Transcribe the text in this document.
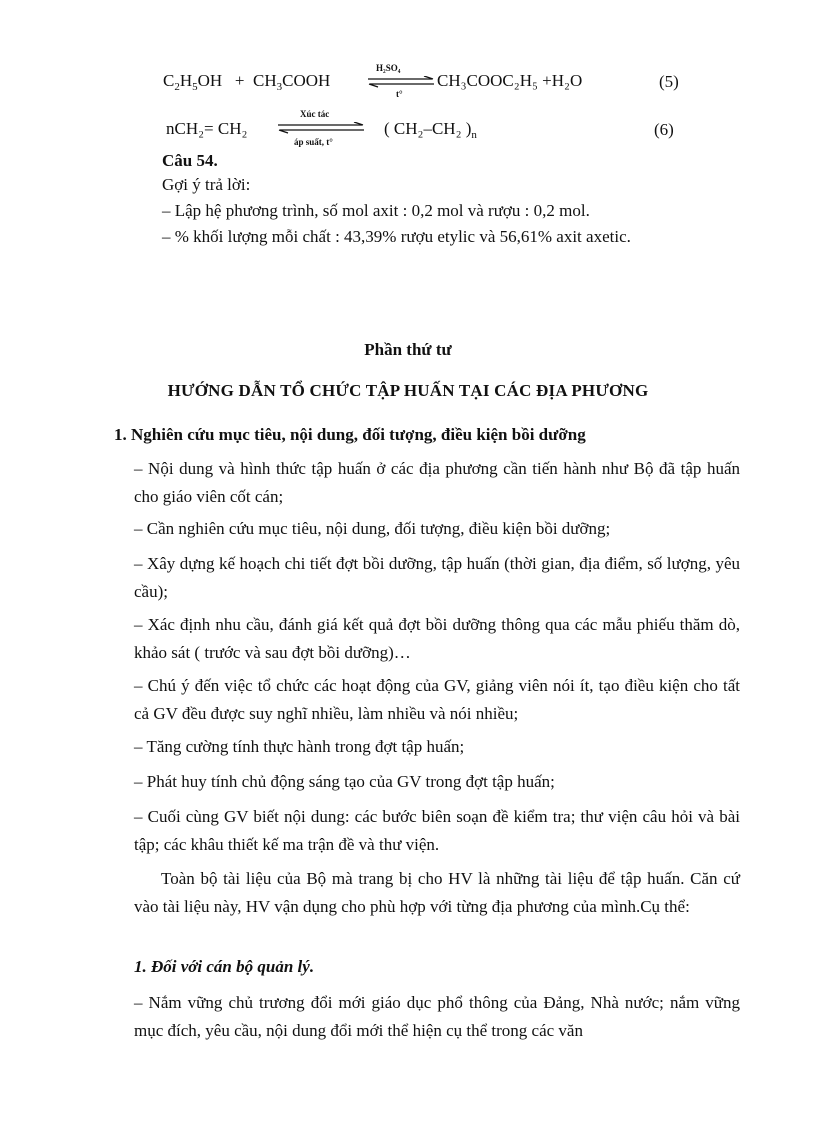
$C_2H_5OH$   +  $CH_3COOH$
H₂SO₄
t°
CH₃COOC₂H₅ +H₂O	(5)
nCH₂= CH₂
Xúc tác
áp suất, t°
( CH₂–CH₂ )$_n$	(6)
Câu 54.
Gợi ý trả lời:
– Lập hệ phương trình, số mol axit : 0,2 mol và rượu : 0,2 mol.
– % khối lượng mỗi chất : 43,39% rượu etylic và 56,61% axit axetic.
Phần thứ tư
HƯỚNG DẪN TỔ CHỨC TẬP HUẤN TẠI CÁC ĐỊA PHƯƠNG
1. Nghiên cứu mục tiêu, nội dung, đối tượng, điều kiện bồi dưỡng
– Nội dung và hình thức tập huấn ở các địa phương cần tiến hành như Bộ đã tập huấn cho giáo viên cốt cán;
– Cần nghiên cứu mục tiêu, nội dung, đối tượng, điều kiện bồi dưỡng;
– Xây dựng kế hoạch chi tiết đợt bồi dưỡng, tập huấn (thời gian, địa điểm, số lượng, yêu cầu);
– Xác định nhu cầu, đánh giá kết quả đợt bồi dưỡng thông qua các mẫu phiếu thăm dò, khảo sát ( trước và sau đợt bồi dưỡng)…
– Chú ý đến việc tổ chức các hoạt động của GV, giảng viên nói ít, tạo điều kiện cho tất cả GV đều được suy nghĩ nhiều, làm nhiều và nói nhiều;
– Tăng cường tính thực hành trong đợt tập huấn;
– Phát huy tính chủ động sáng tạo của GV trong đợt tập huấn;
– Cuối cùng GV biết nội dung: các bước biên soạn đề kiểm tra; thư viện câu hỏi và bài tập; các khâu thiết kế ma trận đề và thư viện.
Toàn bộ tài liệu của Bộ mà trang bị cho HV là những tài liệu để tập huấn. Căn cứ vào tài liệu này, HV vận dụng cho phù hợp với từng địa phương của mình.Cụ thể:
1. Đối với cán bộ quản lý.
– Nắm vững chủ trương đổi mới giáo dục phổ thông của Đảng, Nhà nước; nắm vững mục đích, yêu cầu, nội dung đổi mới thể hiện cụ thể trong các văn
